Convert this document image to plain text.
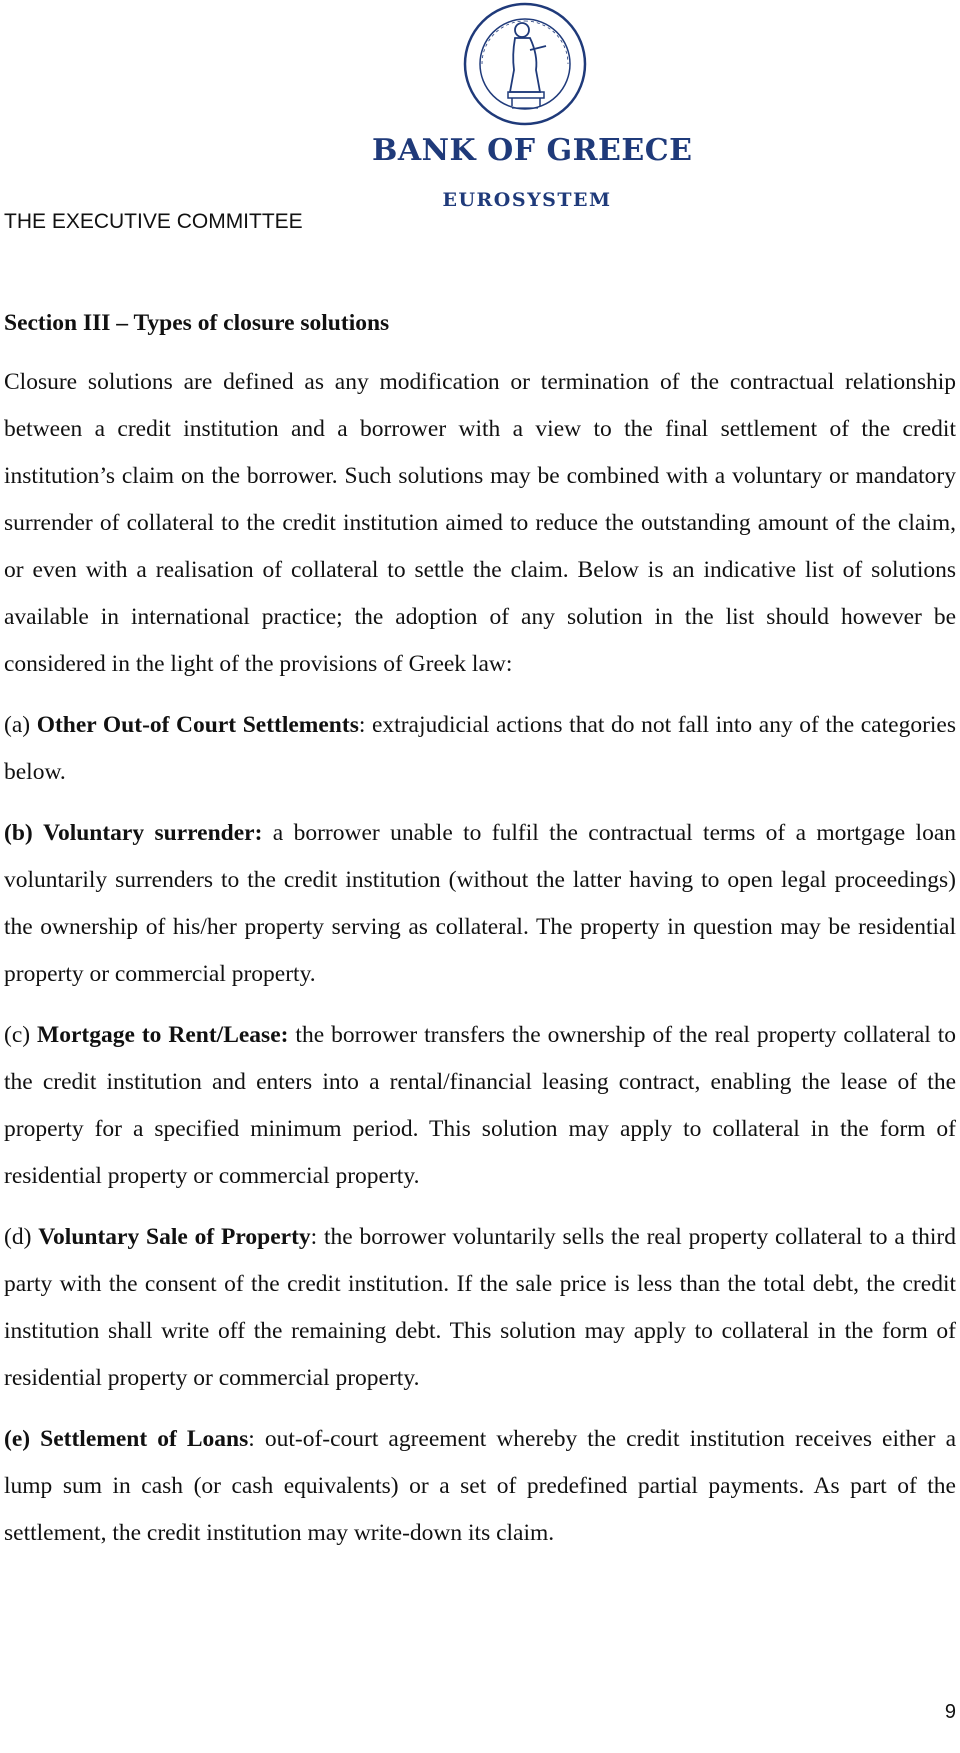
BANK OF GREECE
EUROSYSTEM
THE EXECUTIVE COMMITTEE
Section III – Types of closure solutions

Closure solutions are defined as any modification or termination of the contractual relationship between a credit institution and a borrower with a view to the final settlement of the credit institution’s claim on the borrower. Such solutions may be combined with a voluntary or mandatory surrender of collateral to the credit institution aimed to reduce the outstanding amount of the claim, or even with a realisation of collateral to settle the claim. Below is an indicative list of solutions available in international practice; the adoption of any solution in the list should however be considered in the light of the provisions of Greek law:

(a) Other Out-of Court Settlements: extrajudicial actions that do not fall into any of the categories below.

(b) Voluntary surrender: a borrower unable to fulfil the contractual terms of a mortgage loan voluntarily surrenders to the credit institution (without the latter having to open legal proceedings) the ownership of his/her property serving as collateral. The property in question may be residential property or commercial property.

(c) Mortgage to Rent/Lease: the borrower transfers the ownership of the real property collateral to the credit institution and enters into a rental/financial leasing contract, enabling the lease of the property for a specified minimum period. This solution may apply to collateral in the form of residential property or commercial property.

(d) Voluntary Sale of Property: the borrower voluntarily sells the real property collateral to a third party with the consent of the credit institution. If the sale price is less than the total debt, the credit institution shall write off the remaining debt. This solution may apply to collateral in the form of residential property or commercial property.

(e) Settlement of Loans: out-of-court agreement whereby the credit institution receives either a lump sum in cash (or cash equivalents) or a set of predefined partial payments. As part of the settlement, the credit institution may write-down its claim.

9
